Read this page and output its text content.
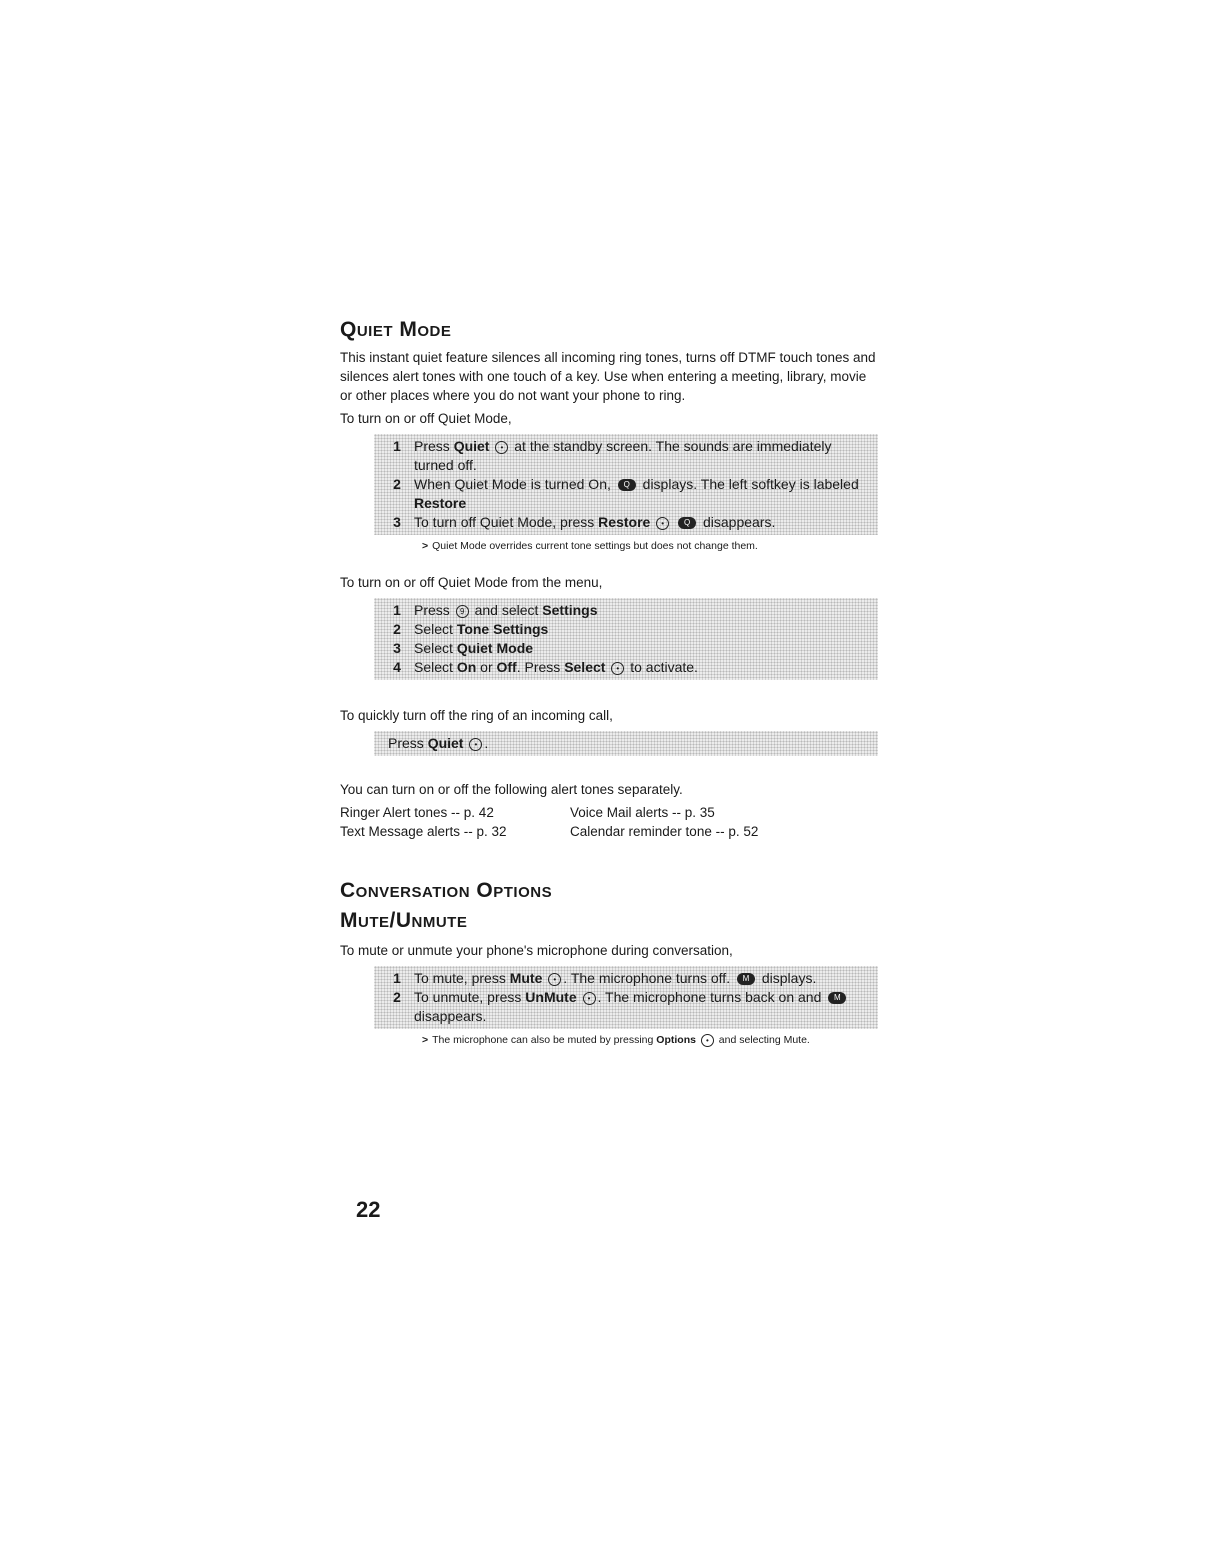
Quiet Mode

This instant quiet feature silences all incoming ring tones, turns off DTMF touch tones and silences alert tones with one touch of a key. Use when entering a meeting, library, movie or other places where you do not want your phone to ring.

To turn on or off Quiet Mode,

1 Press Quiet • at the standby screen. The sounds are immediately turned off.
2 When Quiet Mode is turned On, Q displays. The left softkey is labeled Restore
3 To turn off Quiet Mode, press Restore • Q disappears.
> Quiet Mode overrides current tone settings but does not change them.

To turn on or off Quiet Mode from the menu,

1 Press 9 and select Settings
2 Select Tone Settings
3 Select Quiet Mode
4 Select On or Off. Press Select • to activate.

To quickly turn off the ring of an incoming call,

Press Quiet • .

You can turn on or off the following alert tones separately.

Ringer Alert tones -- p. 42	Voice Mail alerts -- p. 35
Text Message alerts -- p. 32	Calendar reminder tone -- p. 52
Conversation Options
Mute/Unmute

To mute or unmute your phone's microphone during conversation,

1 To mute, press Mute • . The microphone turns off. M displays.
2 To unmute, press UnMute • . The microphone turns back on and M disappears.
> The microphone can also be muted by pressing Options • and selecting Mute.
22
